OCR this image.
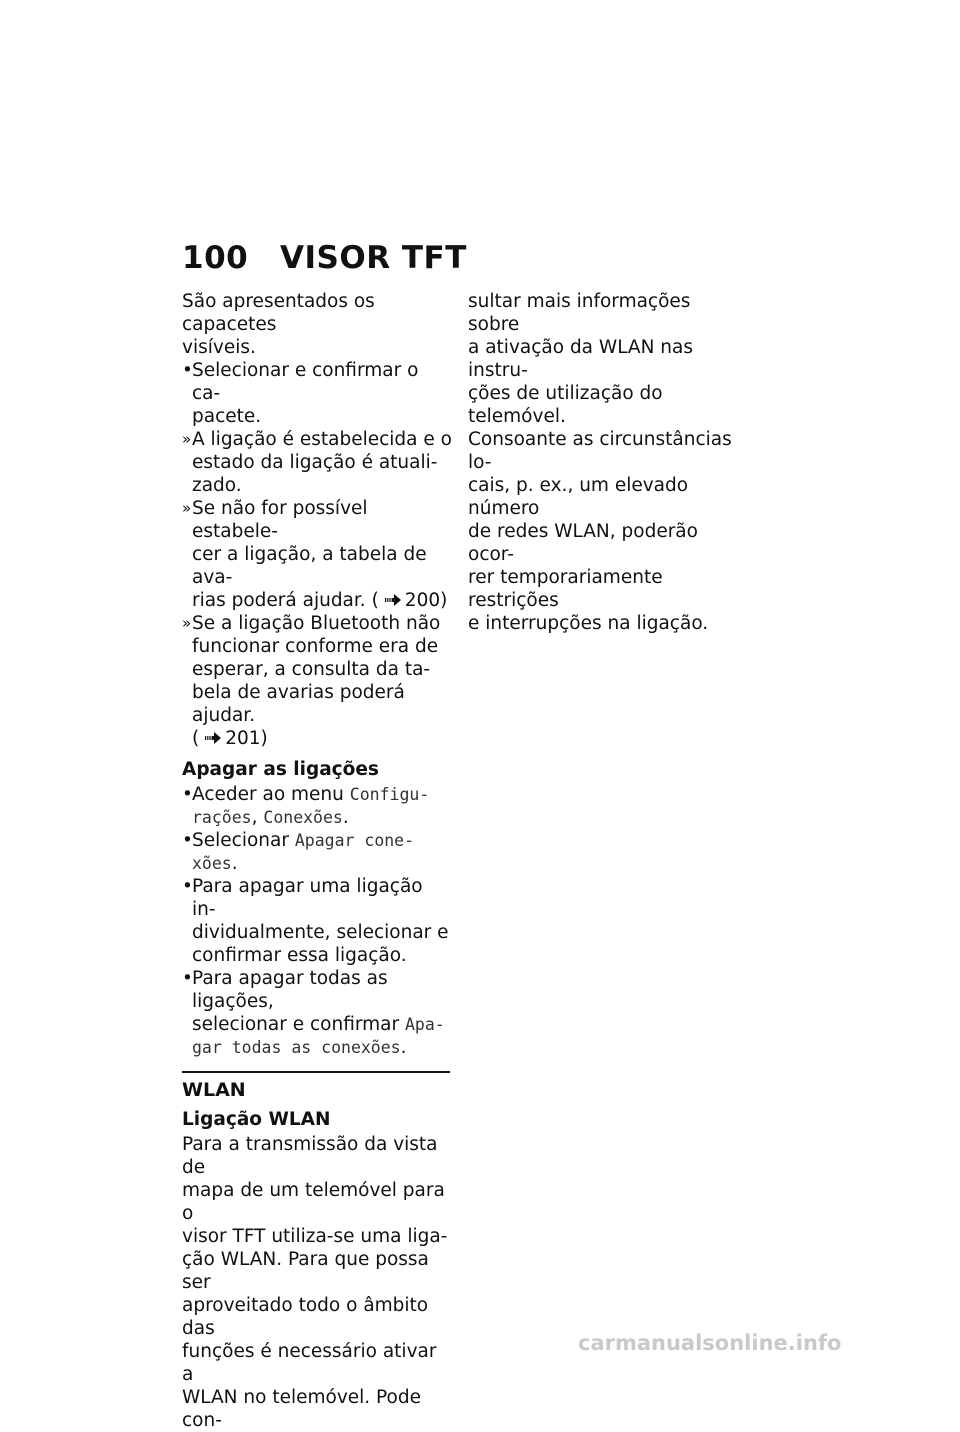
100 VISOR TFT

São apresentados os capacetes
visíveis.

• Selecionar e confirmar o ca-
pacete.
» A ligação é estabelecida e o
estado da ligação é atuali-
zado.
» Se não for possível estabele-
cer a ligação, a tabela de ava-
rias poderá ajudar. ( 200)
» Se a ligação Bluetooth não
funcionar conforme era de
esperar, a consulta da ta-
bela de avarias poderá ajudar.
( 201)

Apagar as ligações

• Aceder ao menu Configu-
rações, Conexões.
• Selecionar Apagar cone-
xões.
• Para apagar uma ligação in-
dividualmente, selecionar e
confirmar essa ligação.
• Para apagar todas as ligações,
selecionar e confirmar Apa-
gar todas as conexões.

WLAN

Ligação WLAN

Para a transmissão da vista de
mapa de um telemóvel para o
visor TFT utiliza-se uma liga-
ção WLAN. Para que possa ser
aproveitado todo o âmbito das
funções é necessário ativar a
WLAN no telemóvel. Pode con-

sultar mais informações sobre
a ativação da WLAN nas instru-
ções de utilização do telemóvel.
Consoante as circunstâncias lo-
cais, p. ex., um elevado número
de redes WLAN, poderão ocor-
rer temporariamente restrições
e interrupções na ligação.

carmanualsonline.info
